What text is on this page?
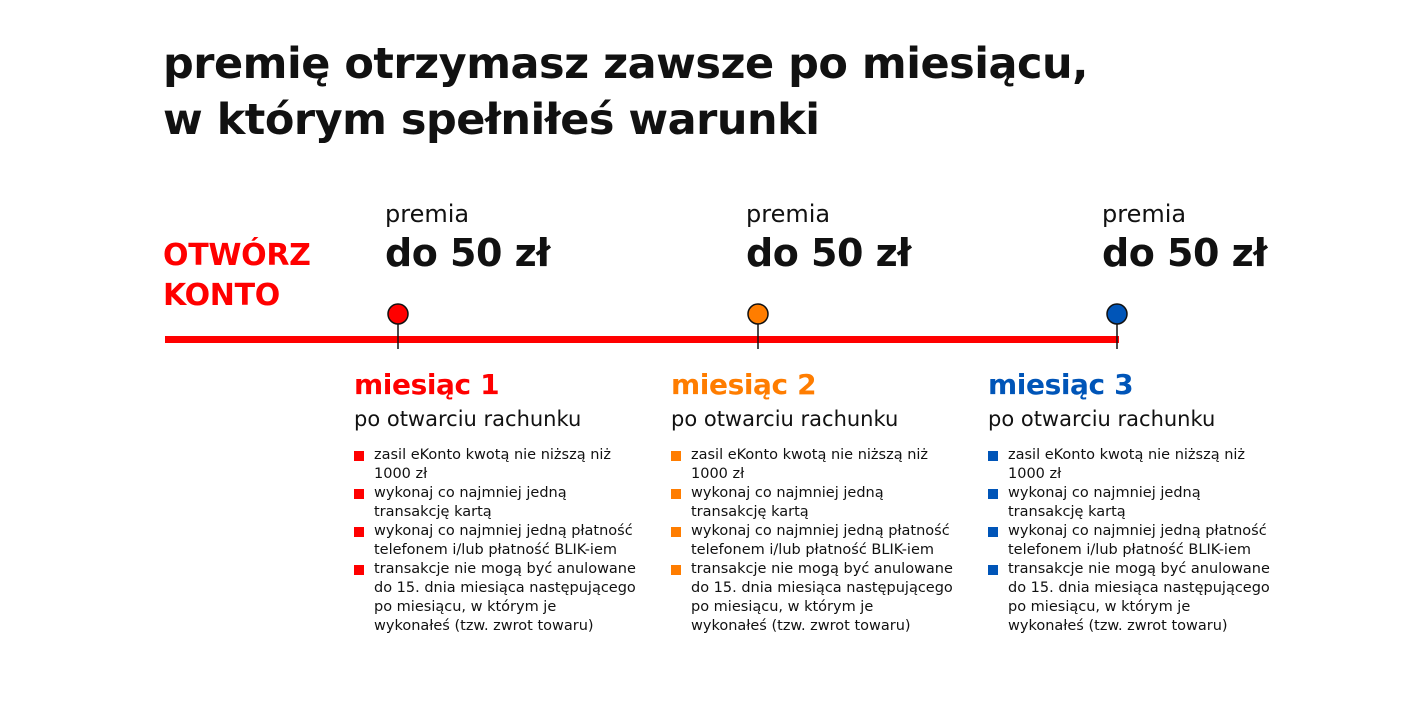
premię otrzymasz zawsze po miesiącu,
w którym spełniłeś warunki
OTWÓRZ
KONTO
premia
do 50 zł
premia
do 50 zł
premia
do 50 zł
miesiąc 1
po otwarciu rachunku
zasil eKonto kwotą nie niższą niż 1000 zł
wykonaj co najmniej jedną transakcję kartą
wykonaj co najmniej jedną płatność telefonem i/lub płatność BLIK-iem
transakcje nie mogą być anulowane do 15. dnia miesiąca następującego po miesiącu, w którym je wykonałeś (tzw. zwrot towaru)
miesiąc 2
po otwarciu rachunku
zasil eKonto kwotą nie niższą niż 1000 zł
wykonaj co najmniej jedną transakcję kartą
wykonaj co najmniej jedną płatność telefonem i/lub płatność BLIK-iem
transakcje nie mogą być anulowane do 15. dnia miesiąca następującego po miesiącu, w którym je wykonałeś (tzw. zwrot towaru)
miesiąc 3
po otwarciu rachunku
zasil eKonto kwotą nie niższą niż 1000 zł
wykonaj co najmniej jedną transakcję kartą
wykonaj co najmniej jedną płatność telefonem i/lub płatność BLIK-iem
transakcje nie mogą być anulowane do 15. dnia miesiąca następującego po miesiącu, w którym je wykonałeś (tzw. zwrot towaru)
